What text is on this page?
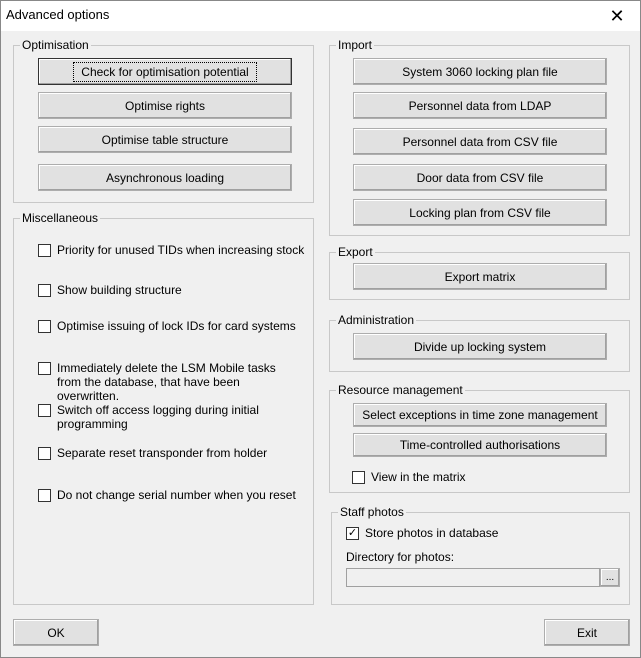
Advanced options	✕
Optimisation
Check for optimisation potential
Optimise rights
Optimise table structure
Asynchronous loading
Miscellaneous
Priority for unused TIDs when increasing stock
Show building structure
Optimise issuing of lock IDs for card systems
Immediately delete the LSM Mobile tasks from the database, that have been overwritten.
Switch off access logging during initial programming
Separate reset transponder from holder
Do not change serial number when you reset
Import
System 3060 locking plan file
Personnel data from LDAP
Personnel data from CSV file
Door data from CSV file
Locking plan from CSV file
Export
Export matrix
Administration
Divide up locking system
Resource management
Select exceptions in time zone management
Time-controlled authorisations
View in the matrix
Staff photos
✓ Store photos in database
Directory for photos:
...
OK	Exit
